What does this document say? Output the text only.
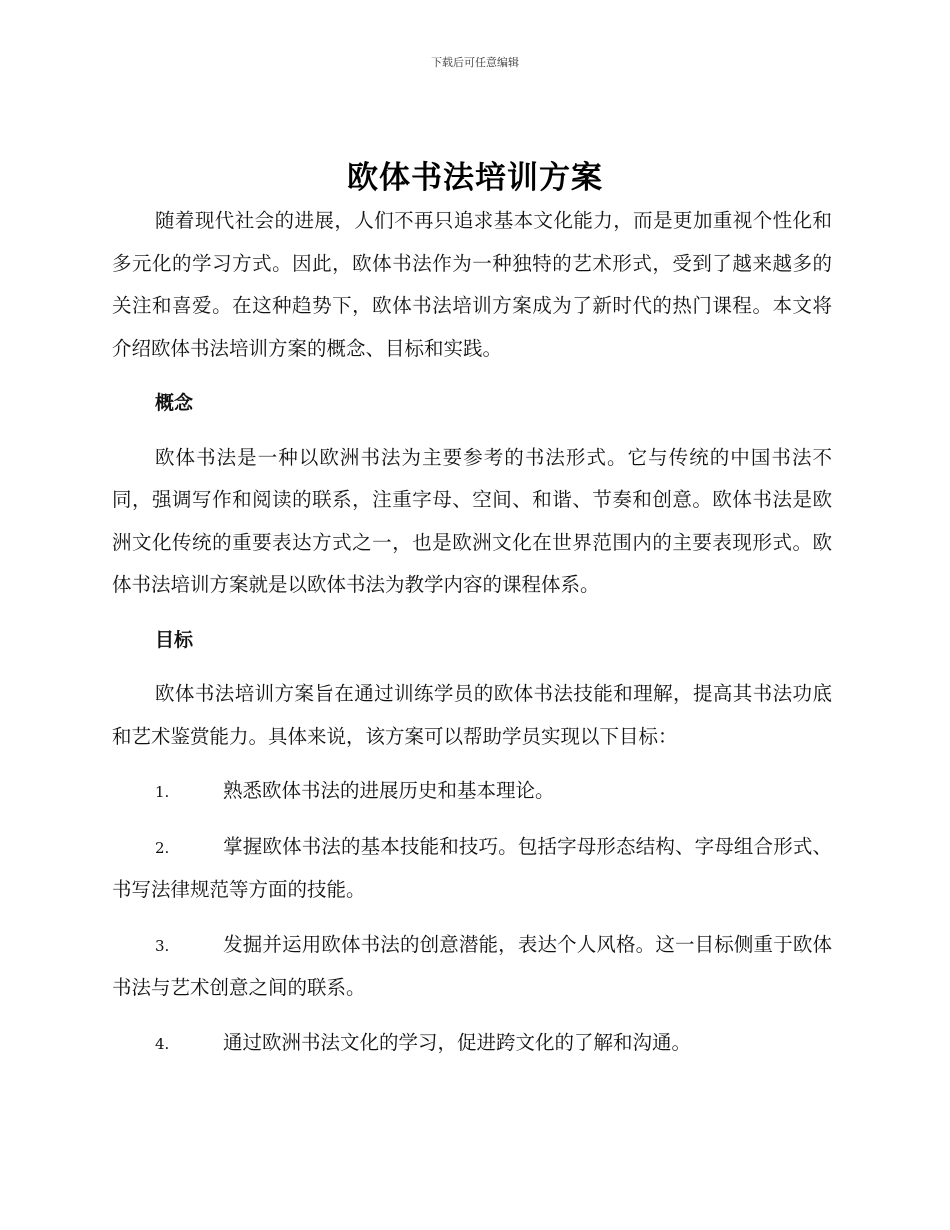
下载后可任意编辑
欧体书法培训方案

随着现代社会的进展，人们不再只追求基本文化能力，而是更加重视个性化和多元化的学习方式。因此，欧体书法作为一种独特的艺术形式，受到了越来越多的关注和喜爱。在这种趋势下，欧体书法培训方案成为了新时代的热门课程。本文将介绍欧体书法培训方案的概念、目标和实践。

概念

欧体书法是一种以欧洲书法为主要参考的书法形式。它与传统的中国书法不同，强调写作和阅读的联系，注重字母、空间、和谐、节奏和创意。欧体书法是欧洲文化传统的重要表达方式之一，也是欧洲文化在世界范围内的主要表现形式。欧体书法培训方案就是以欧体书法为教学内容的课程体系。

目标

欧体书法培训方案旨在通过训练学员的欧体书法技能和理解，提高其书法功底和艺术鉴赏能力。具体来说，该方案可以帮助学员实现以下目标：

1.	熟悉欧体书法的进展历史和基本理论。

2.	掌握欧体书法的基本技能和技巧。包括字母形态结构、字母组合形式、书写法律规范等方面的技能。

3.	发掘并运用欧体书法的创意潜能，表达个人风格。这一目标侧重于欧体书法与艺术创意之间的联系。

4.	通过欧洲书法文化的学习，促进跨文化的了解和沟通。
